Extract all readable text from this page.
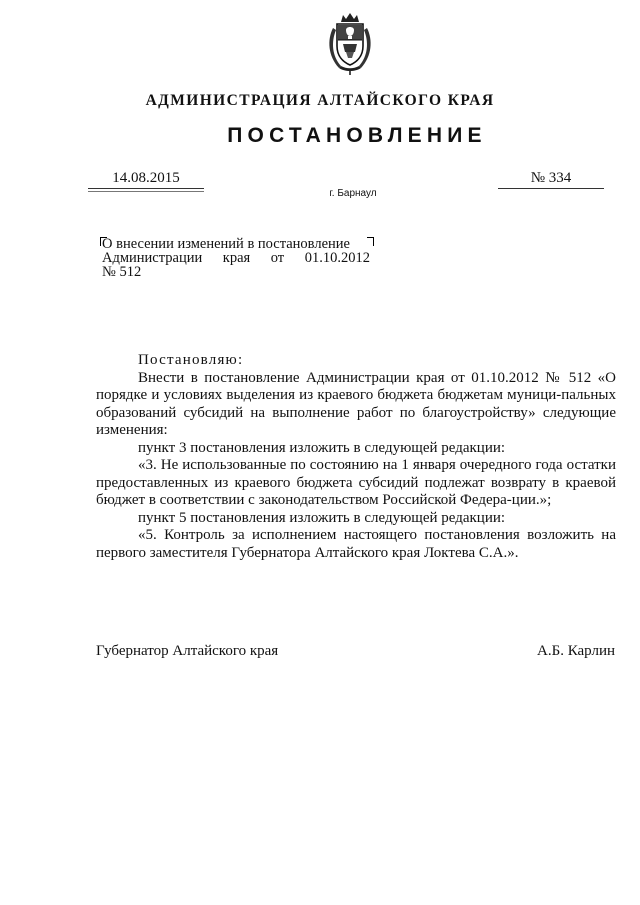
АДМИНИСТРАЦИЯ АЛТАЙСКОГО КРАЯ
ПОСТАНОВЛЕНИЕ
14.08.2015	№ 334
г. Барнаул
О внесении изменений в постановление
Администрации края от 01.10.2012
№ 512

Постановляю:

Внести в постановление Администрации края от 01.10.2012 № 512 «О порядке и условиях выделения из краевого бюджета бюджетам муници-пальных образований субсидий на выполнение работ по благоустройству» следующие изменения:

пункт 3 постановления изложить в следующей редакции:

«3. Не использованные по состоянию на 1 января очередного года остатки предоставленных из краевого бюджета субсидий подлежат возврату в краевой бюджет в соответствии с законодательством Российской Федера-ции.»;

пункт 5 постановления изложить в следующей редакции:

«5. Контроль за исполнением настоящего постановления возложить на первого заместителя Губернатора Алтайского края Локтева С.А.».

Губернатор Алтайского края	А.Б. Карлин
